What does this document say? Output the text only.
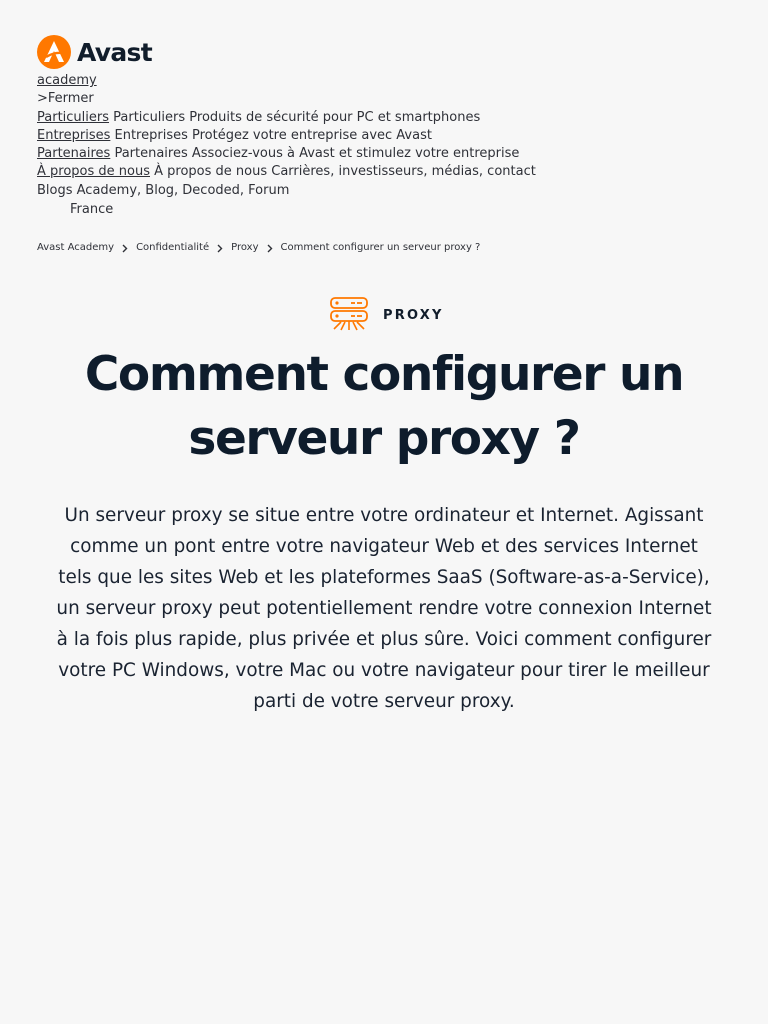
Avast
academy
>Fermer
Particuliers Particuliers Produits de sécurité pour PC et smartphones
Entreprises Entreprises Protégez votre entreprise avec Avast
Partenaires Partenaires Associez-vous à Avast et stimulez votre entreprise
À propos de nous À propos de nous Carrières, investisseurs, médias, contact
Blogs Academy, Blog, Decoded, Forum
France
Avast Academy Confidentialité Proxy Comment configurer un serveur proxy ?
PROXY
Comment configurer un serveur proxy ?

Un serveur proxy se situe entre votre ordinateur et Internet. Agissant comme un pont entre votre navigateur Web et des services Internet tels que les sites Web et les plateformes SaaS (Software-as-a-Service), un serveur proxy peut potentiellement rendre votre connexion Internet à la fois plus rapide, plus privée et plus sûre. Voici comment configurer votre PC Windows, votre Mac ou votre navigateur pour tirer le meilleur parti de votre serveur proxy.
